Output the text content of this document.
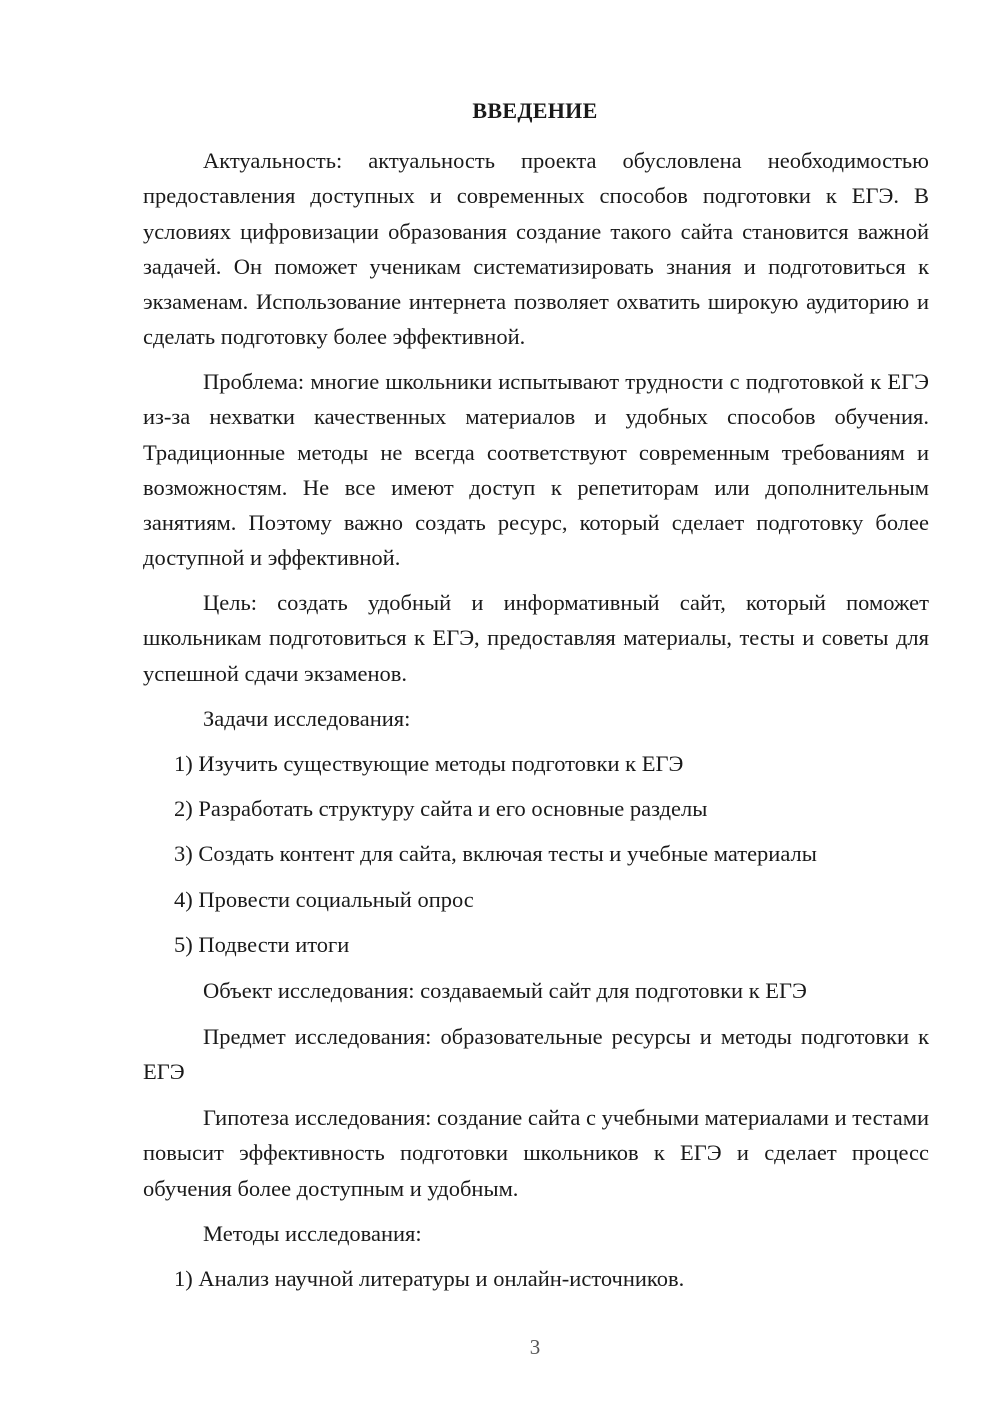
ВВЕДЕНИЕ

Актуальность: актуальность проекта обусловлена необходимостью предоставления доступных и современных способов подготовки к ЕГЭ. В условиях цифровизации образования создание такого сайта становится важной задачей. Он поможет ученикам систематизировать знания и подготовиться к экзаменам. Использование интернета позволяет охватить широкую аудиторию и сделать подготовку более эффективной.

Проблема: многие школьники испытывают трудности с подготовкой к ЕГЭ из-за нехватки качественных материалов и удобных способов обучения. Традиционные методы не всегда соответствуют современным требованиям и возможностям. Не все имеют доступ к репетиторам или дополнительным занятиям. Поэтому важно создать ресурс, который сделает подготовку более доступной и эффективной.

Цель: создать удобный и информативный сайт, который поможет школьникам подготовиться к ЕГЭ, предоставляя материалы, тесты и советы для успешной сдачи экзаменов.

Задачи исследования:

1) Изучить существующие методы подготовки к ЕГЭ

2) Разработать структуру сайта и его основные разделы

3) Создать контент для сайта, включая тесты и учебные материалы

4) Провести социальный опрос

5) Подвести итоги

Объект исследования: создаваемый сайт для подготовки к ЕГЭ

Предмет исследования: образовательные ресурсы и методы подготовки к ЕГЭ

Гипотеза исследования: создание сайта с учебными материалами и тестами повысит эффективность подготовки школьников к ЕГЭ и сделает процесс обучения более доступным и удобным.

Методы исследования:

1) Анализ научной литературы и онлайн-источников.

3
